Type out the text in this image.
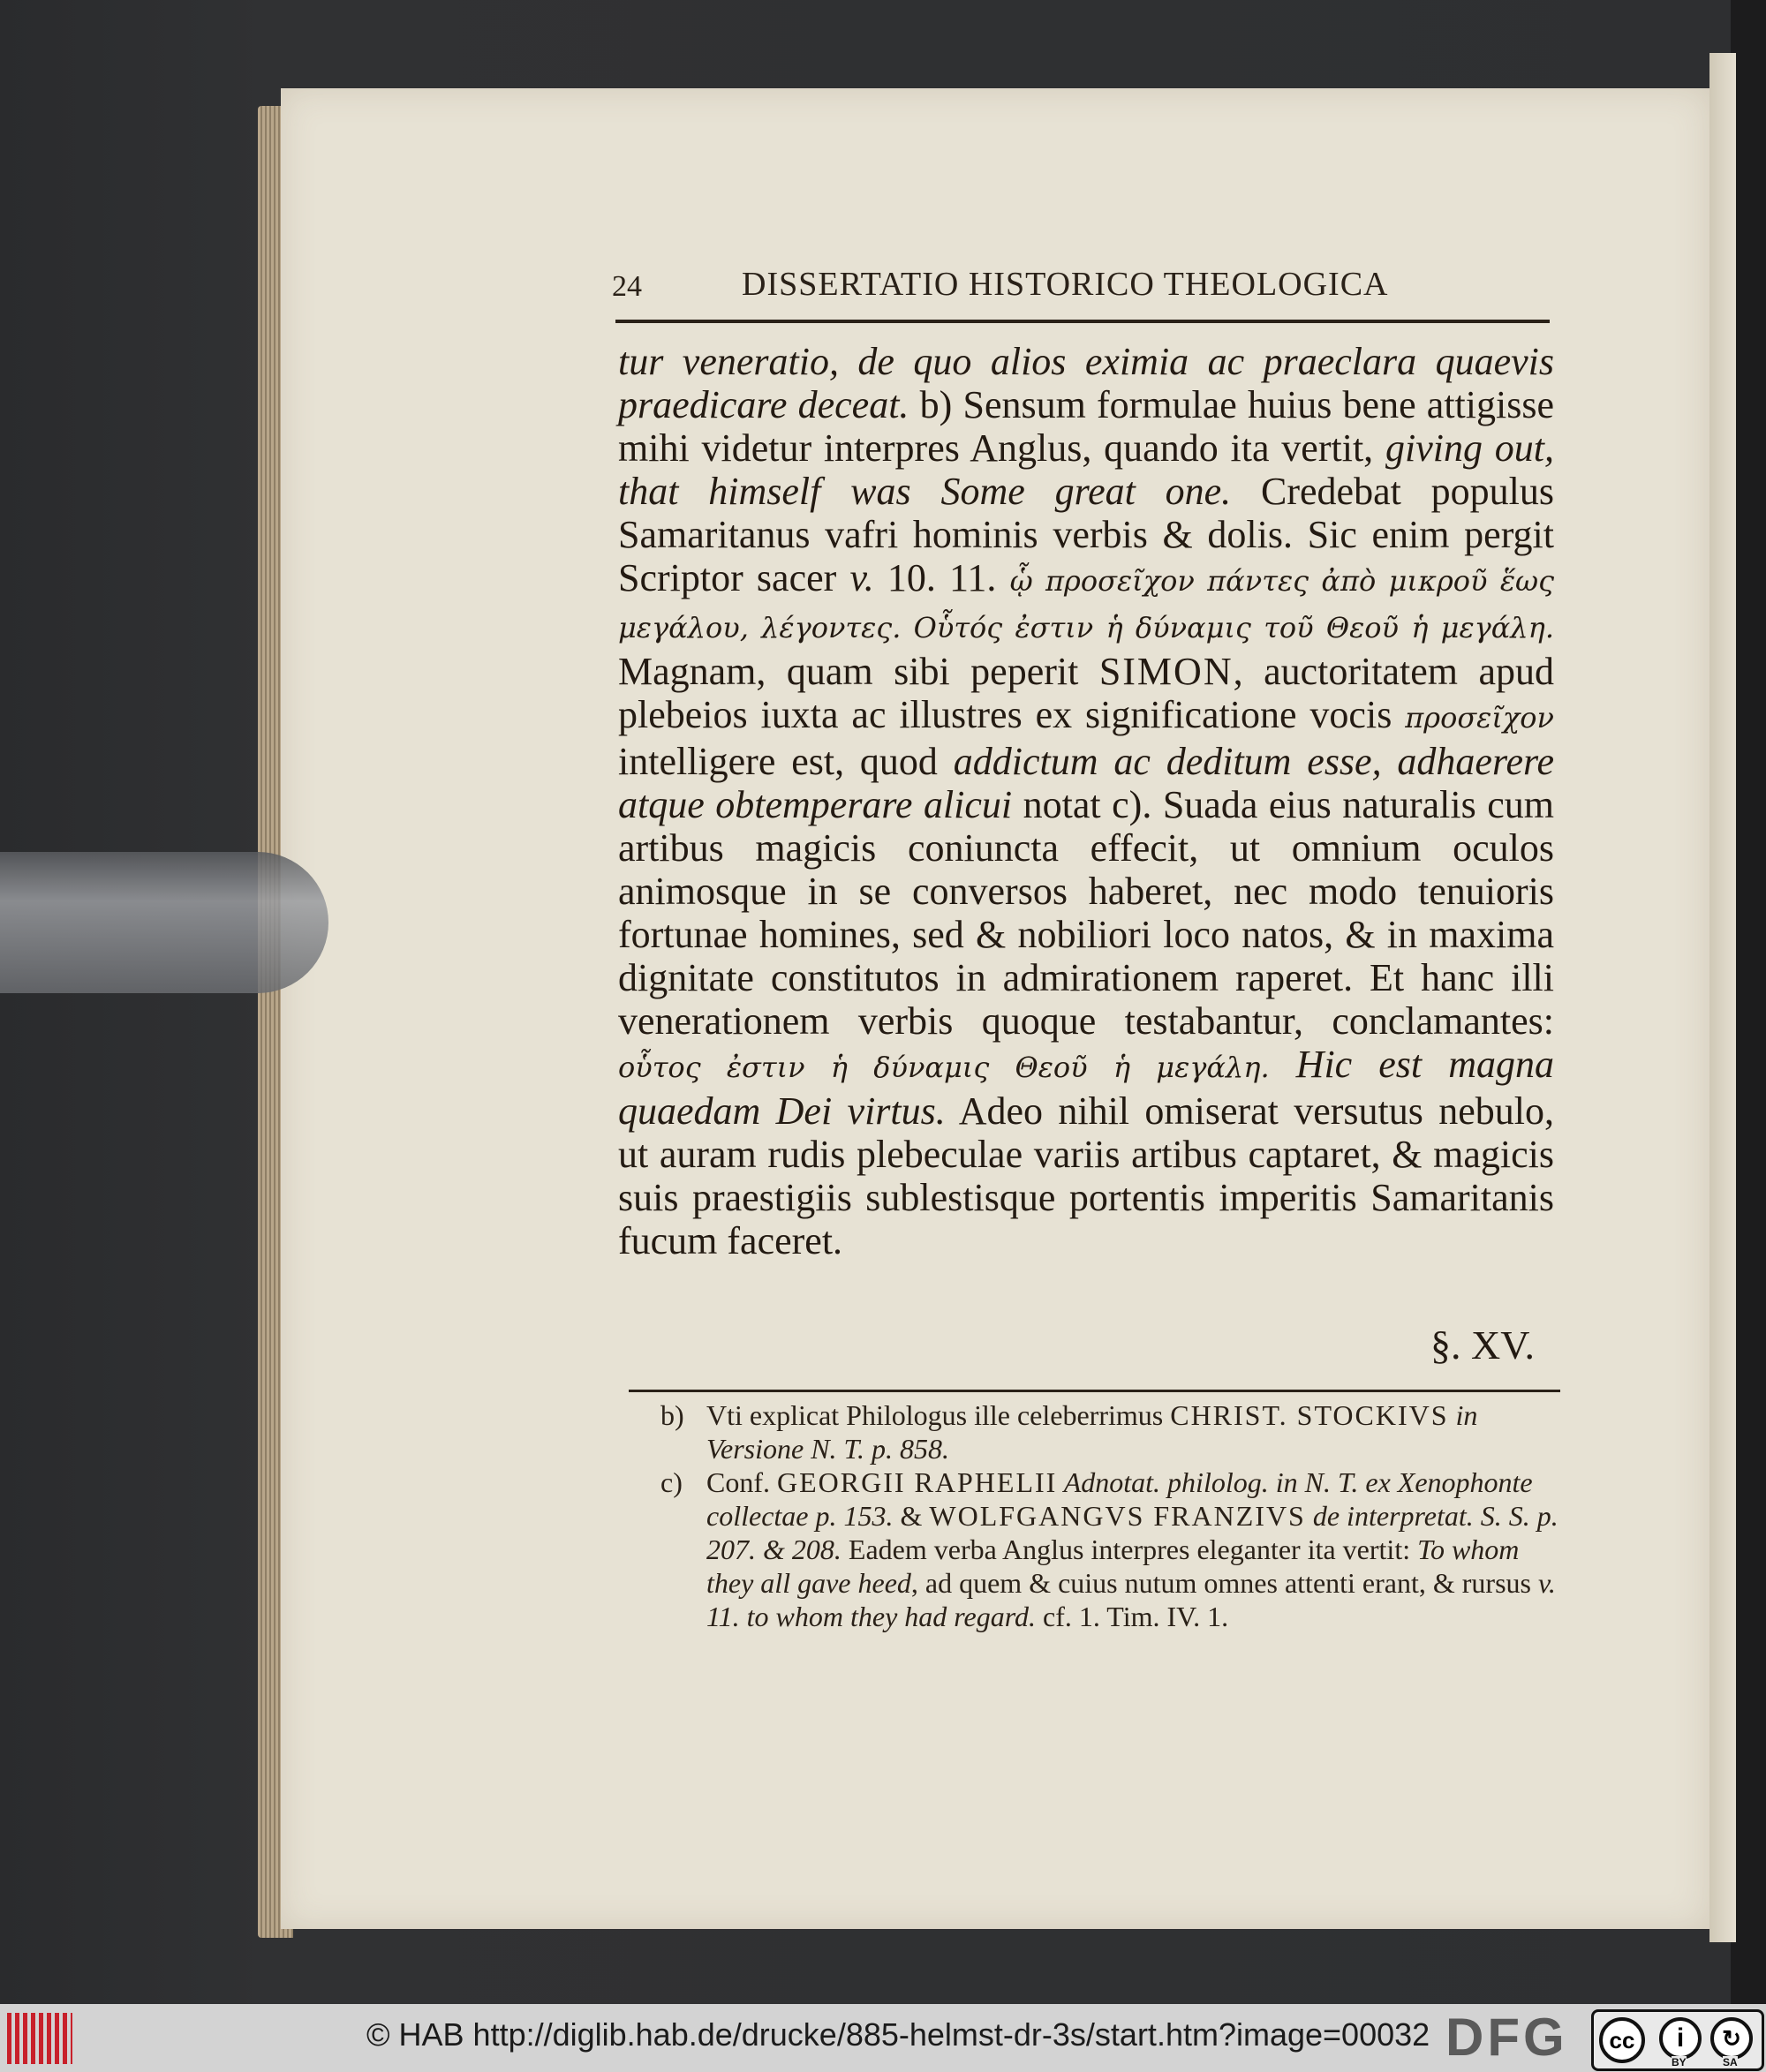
24	DISSERTATIO HISTORICO THEOLOGICA

tur veneratio, de quo alios eximia ac praeclara quaevis praedicare deceat. b) Sensum formulae huius bene attigisse mihi videtur interpres Anglus, quando ita vertit, giving out, that himself was Some great one. Credebat populus Samaritanus vafri hominis verbis & dolis. Sic enim pergit Scriptor sacer v. 10. 11. ᾧ προσεῖχον πάντες ἀπὸ μικροῦ ἕως μεγάλου, λέγοντες. Οὗτός ἐστιν ἡ δύναμις τοῦ Θεοῦ ἡ μεγάλη. Magnam, quam sibi peperit SIMON, auctoritatem apud plebeios iuxta ac illustres ex significatione vocis προσεῖχον intelligere est, quod addictum ac deditum esse, adhaerere atque obtemperare alicui notat c). Suada eius naturalis cum artibus magicis coniuncta effecit, ut omnium oculos animosque in se conversos haberet, nec modo tenuioris fortunae homines, sed & nobiliori loco natos, & in maxima dignitate constitutos in admirationem raperet. Et hanc illi venerationem verbis quoque testabantur, conclamantes: οὗτος ἐστιν ἡ δύναμις Θεοῦ ἡ μεγάλη. Hic est magna quaedam Dei virtus. Adeo nihil omiserat versutus nebulo, ut auram rudis plebeculae variis artibus captaret, & magicis suis praestigiis sublestisque portentis imperitis Samaritanis fucum faceret.

§. XV.

b) Vti explicat Philologus ille celeberrimus CHRIST. STOCKIVS in Versione N. T. p. 858.

c) Conf. GEORGII RAPHELII Adnotat. philolog. in N. T. ex Xenophonte collectae p. 153. & WOLFGANGVS FRANZIVS de interpretat. S. S. p. 207. & 208. Eadem verba Anglus interpres eleganter ita vertit: To whom they all gave heed, ad quem & cuius nutum omnes attenti erant, & rursus v. 11. to whom they had regard. cf. 1. Tim. IV. 1.

© HAB http://diglib.hab.de/drucke/885-helmst-dr-3s/start.htm?image=00032 DFG	cc	i	↻
BY	SA
